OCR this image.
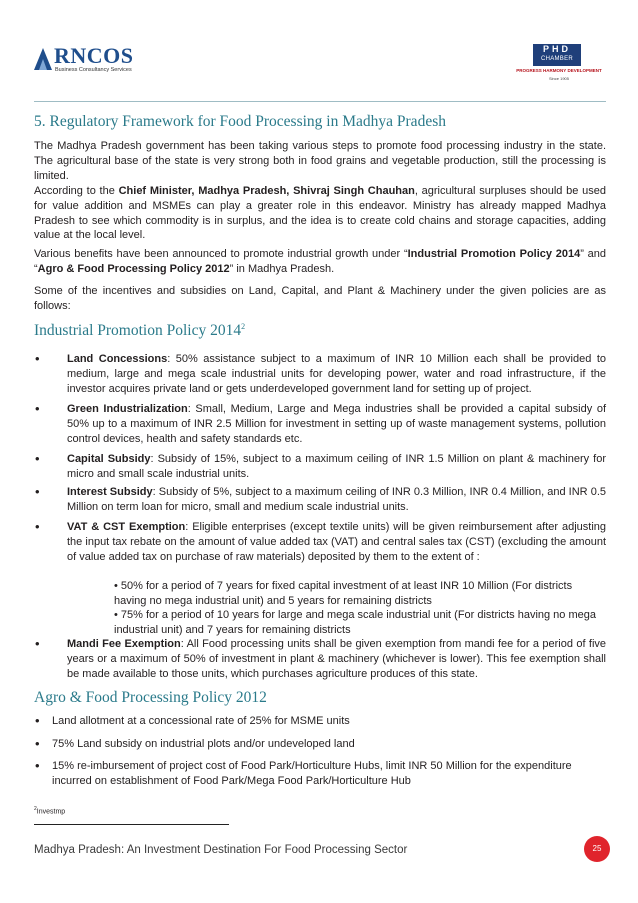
RNCOS
Business Consultancy Services
PHD
CHAMBER
PROGRESS HARMONY DEVELOPMENT
Since 1905
5. Regulatory Framework for Food Processing in Madhya Pradesh

The Madhya Pradesh government has been taking various steps to promote food processing industry in the state. The agricultural base of the state is very strong both in food grains and vegetable production, still the processing is limited.

According to the Chief Minister, Madhya Pradesh, Shivraj Singh Chauhan, agricultural surpluses should be used for value addition and MSMEs can play a greater role in this endeavor. Ministry has already mapped Madhya Pradesh to see which commodity is in surplus, and the idea is to create cold chains and storage capacities, adding value at the local level.

Various benefits have been announced to promote industrial growth under “Industrial Promotion Policy 2014” and “Agro & Food Processing Policy 2012” in Madhya Pradesh.

Some of the incentives and subsidies on Land, Capital, and Plant & Machinery under the given policies are as follows:

Industrial Promotion Policy 2014$^2$
• Land Concessions: 50% assistance subject to a maximum of INR 10 Million each shall be provided to medium, large and mega scale industrial units for developing power, water and road infrastructure, if the investor acquires private land or gets underdeveloped government land for setting up of project.

• Green Industrialization: Small, Medium, Large and Mega industries shall be provided a capital subsidy of 50% up to a maximum of INR 2.5 Million for investment in setting up of waste management systems, pollution control devices, health and safety standards etc.

• Capital Subsidy: Subsidy of 15%, subject to a maximum ceiling of INR 1.5 Million on plant & machinery for micro and small scale industrial units.

• Interest Subsidy: Subsidy of 5%, subject to a maximum ceiling of INR 0.3 Million, INR 0.4 Million, and INR 0.5 Million on term loan for micro, small and medium scale industrial units.

• VAT & CST Exemption: Eligible enterprises (except textile units) will be given reimbursement after adjusting the input tax rebate on the amount of value added tax (VAT) and central sales tax (CST) (excluding the amount of value added tax on purchase of raw materials) deposited by them to the extent of :

• 50% for a period of 7 years for fixed capital investment of at least INR 10 Million (For districts having no mega industrial unit) and 5 years for remaining districts

• 75% for a period of 10 years for large and mega scale industrial unit (For districts having no mega industrial unit) and 7 years for remaining districts

• Mandi Fee Exemption: All Food processing units shall be given exemption from mandi fee for a period of five years or a maximum of 50% of investment in plant & machinery (whichever is lower). This fee exemption shall be made available to those units, which purchases agriculture produces of this state.

Agro & Food Processing Policy 2012
• Land allotment at a concessional rate of 25% for MSME units

• 75% Land subsidy on industrial plots and/or undeveloped land

• 15% re-imbursement of project cost of Food Park/Horticulture Hubs, limit INR 50 Million for the expenditure incurred on establishment of Food Park/Mega Food Park/Horticulture Hub

$^2$Investmp
Madhya Pradesh: An Investment Destination For Food Processing Sector	25
